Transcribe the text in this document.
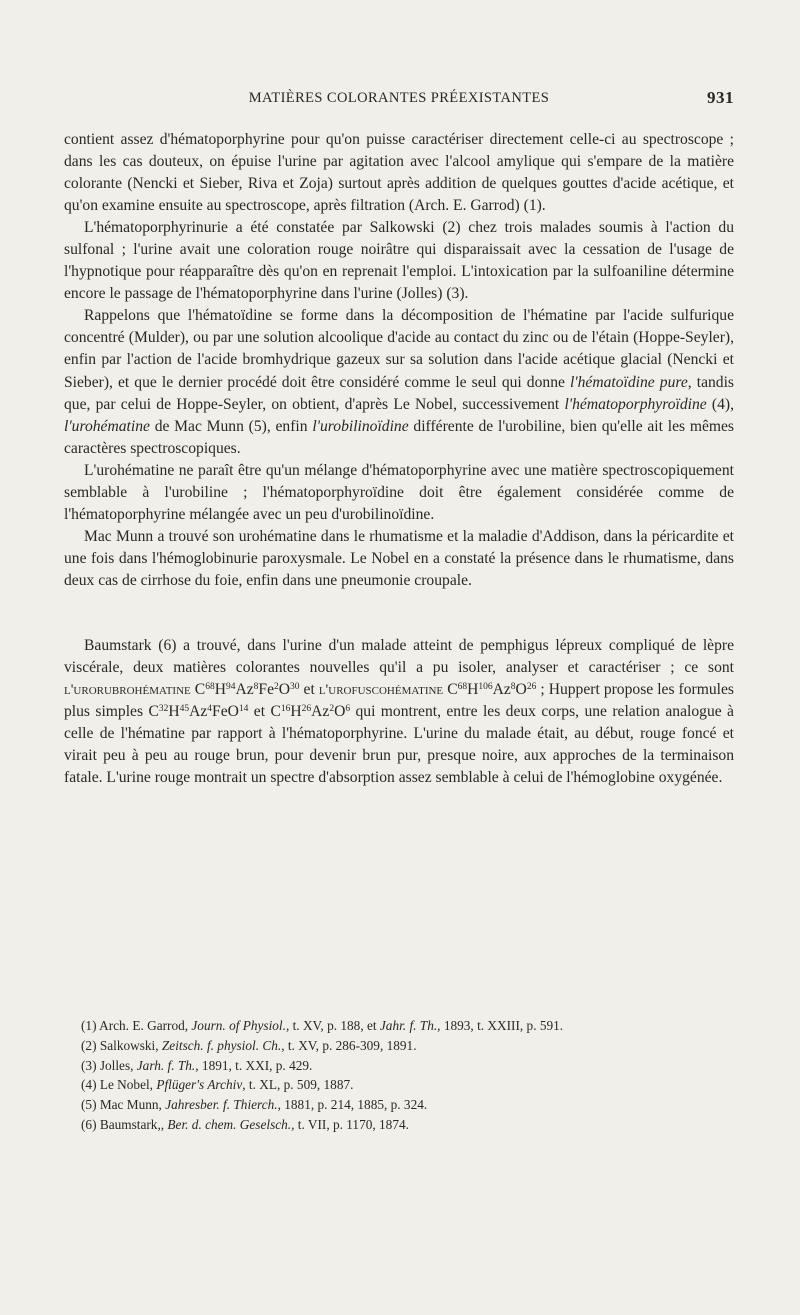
MATIÈRES COLORANTES PRÉEXISTANTES	931

contient assez d'hématoporphyrine pour qu'on puisse caractériser directement celle-ci au spectroscope ; dans les cas douteux, on épuise l'urine par agitation avec l'alcool amylique qui s'empare de la matière colorante (Nencki et Sieber, Riva et Zoja) surtout après addition de quelques gouttes d'acide acétique, et qu'on examine ensuite au spectroscope, après filtration (Arch. E. Garrod) (1).

L'hématoporphyrinurie a été constatée par Salkowski (2) chez trois malades soumis à l'action du sulfonal ; l'urine avait une coloration rouge noirâtre qui disparaissait avec la cessation de l'usage de l'hypnotique pour réapparaître dès qu'on en reprenait l'emploi. L'intoxication par la sulfoaniline détermine encore le passage de l'hématoporphyrine dans l'urine (Jolles) (3).

Rappelons que l'hématoïdine se forme dans la décomposition de l'hématine par l'acide sulfurique concentré (Mulder), ou par une solution alcoolique d'acide au contact du zinc ou de l'étain (Hoppe-Seyler), enfin par l'action de l'acide bromhydrique gazeux sur sa solution dans l'acide acétique glacial (Nencki et Sieber), et que le dernier procédé doit être considéré comme le seul qui donne l'hématoïdine pure, tandis que, par celui de Hoppe-Seyler, on obtient, d'après Le Nobel, successivement l'hématoporphyroïdine (4), l'urohématine de Mac Munn (5), enfin l'urobilinoïdine différente de l'urobiline, bien qu'elle ait les mêmes caractères spectroscopiques.

L'urohématine ne paraît être qu'un mélange d'hématoporphyrine avec une matière spectroscopiquement semblable à l'urobiline ; l'hématoporphyroïdine doit être également considérée comme de l'hématoporphyrine mélangée avec un peu d'urobilinoïdine.

Mac Munn a trouvé son urohématine dans le rhumatisme et la maladie d'Addison, dans la péricardite et une fois dans l'hémoglobinurie paroxysmale. Le Nobel en a constaté la présence dans le rhumatisme, dans deux cas de cirrhose du foie, enfin dans une pneumonie croupale.

Baumstark (6) a trouvé, dans l'urine d'un malade atteint de pemphigus lépreux compliqué de lèpre viscérale, deux matières colorantes nouvelles qu'il a pu isoler, analyser et caractériser ; ce sont l'urorubrohématine $C^{68}H^{94}Az^8Fe^2O^{30}$ et l'urofuscohématine $C^{68}H^{106}Az^8O^{26}$ ; Huppert propose les formules plus simples $C^{32}H^{45}Az^4FeO^{14}$ et $C^{16}H^{26}Az^2O^6$ qui montrent, entre les deux corps, une relation analogue à celle de l'hématine par rapport à l'hématoporphyrine. L'urine du malade était, au début, rouge foncé et virait peu à peu au rouge brun, pour devenir brun pur, presque noire, aux approches de la terminaison fatale. L'urine rouge montrait un spectre d'absorption assez semblable à celui de l'hémoglobine oxygénée.

(1) Arch. E. Garrod, Journ. of Physiol., t. XV, p. 188, et Jahr. f. Th., 1893, t. XXIII, p. 591.
(2) Salkowski, Zeitsch. f. physiol. Ch., t. XV, p. 286-309, 1891.
(3) Jolles, Jarh. f. Th., 1891, t. XXI, p. 429.
(4) Le Nobel, Pflüger's Archiv, t. XL, p. 509, 1887.
(5) Mac Munn, Jahresber. f. Thierch., 1881, p. 214, 1885, p. 324.
(6) Baumstark,, Ber. d. chem. Geselsch., t. VII, p. 1170, 1874.
